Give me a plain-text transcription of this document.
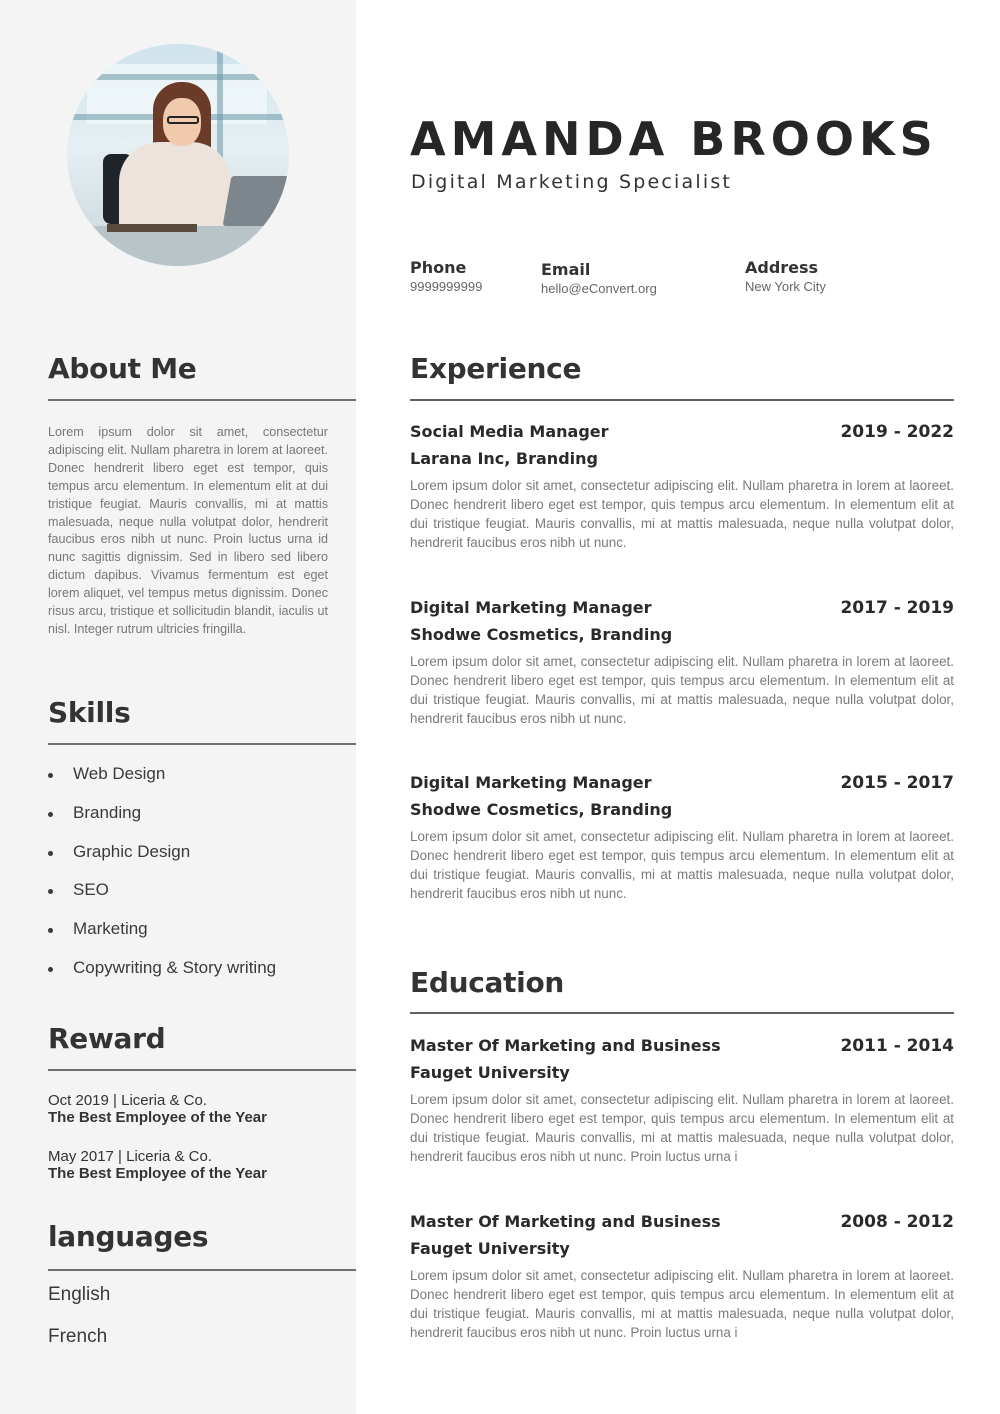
About Me

Lorem ipsum dolor sit amet, consectetur adipiscing elit. Nullam pharetra in lorem at laoreet. Donec hendrerit libero eget est tempor, quis tempus arcu elementum. In elementum elit at dui tristique feugiat. Mauris convallis, mi at mattis malesuada, neque nulla volutpat dolor, hendrerit faucibus eros nibh ut nunc. Proin luctus urna id nunc sagittis dignissim. Sed in libero sed libero dictum dapibus. Vivamus fermentum est eget lorem aliquet, vel tempus metus dignissim. Donec risus arcu, tristique et sollicitudin blandit, iaculis ut nisl. Integer rutrum ultricies fringilla.

Skills
Web Design
Branding
Graphic Design
SEO
Marketing
Copywriting & Story writing
Reward
Oct 2019 | Liceria & Co.
The Best Employee of the Year
May 2017 | Liceria & Co.
The Best Employee of the Year
languages
English
French
AMANDA BROOKS
Digital Marketing Specialist
Phone
9999999999
Email
hello@eConvert.org
Address
New York City
Experience
Social Media Manager	2019 - 2022
Larana Inc, Branding

Lorem ipsum dolor sit amet, consectetur adipiscing elit. Nullam pharetra in lorem at laoreet. Donec hendrerit libero eget est tempor, quis tempus arcu elementum. In elementum elit at dui tristique feugiat. Mauris convallis, mi at mattis malesuada, neque nulla volutpat dolor, hendrerit faucibus eros nibh ut nunc.

Digital Marketing Manager	2017 - 2019
Shodwe Cosmetics, Branding

Lorem ipsum dolor sit amet, consectetur adipiscing elit. Nullam pharetra in lorem at laoreet. Donec hendrerit libero eget est tempor, quis tempus arcu elementum. In elementum elit at dui tristique feugiat. Mauris convallis, mi at mattis malesuada, neque nulla volutpat dolor, hendrerit faucibus eros nibh ut nunc.

Digital Marketing Manager	2015 - 2017
Shodwe Cosmetics, Branding

Lorem ipsum dolor sit amet, consectetur adipiscing elit. Nullam pharetra in lorem at laoreet. Donec hendrerit libero eget est tempor, quis tempus arcu elementum. In elementum elit at dui tristique feugiat. Mauris convallis, mi at mattis malesuada, neque nulla volutpat dolor, hendrerit faucibus eros nibh ut nunc.

Education
Master Of Marketing and Business	2011 - 2014
Fauget University

Lorem ipsum dolor sit amet, consectetur adipiscing elit. Nullam pharetra in lorem at laoreet. Donec hendrerit libero eget est tempor, quis tempus arcu elementum. In elementum elit at dui tristique feugiat. Mauris convallis, mi at mattis malesuada, neque nulla volutpat dolor, hendrerit faucibus eros nibh ut nunc. Proin luctus urna i

Master Of Marketing and Business	2008 - 2012
Fauget University

Lorem ipsum dolor sit amet, consectetur adipiscing elit. Nullam pharetra in lorem at laoreet. Donec hendrerit libero eget est tempor, quis tempus arcu elementum. In elementum elit at dui tristique feugiat. Mauris convallis, mi at mattis malesuada, neque nulla volutpat dolor, hendrerit faucibus eros nibh ut nunc. Proin luctus urna i
